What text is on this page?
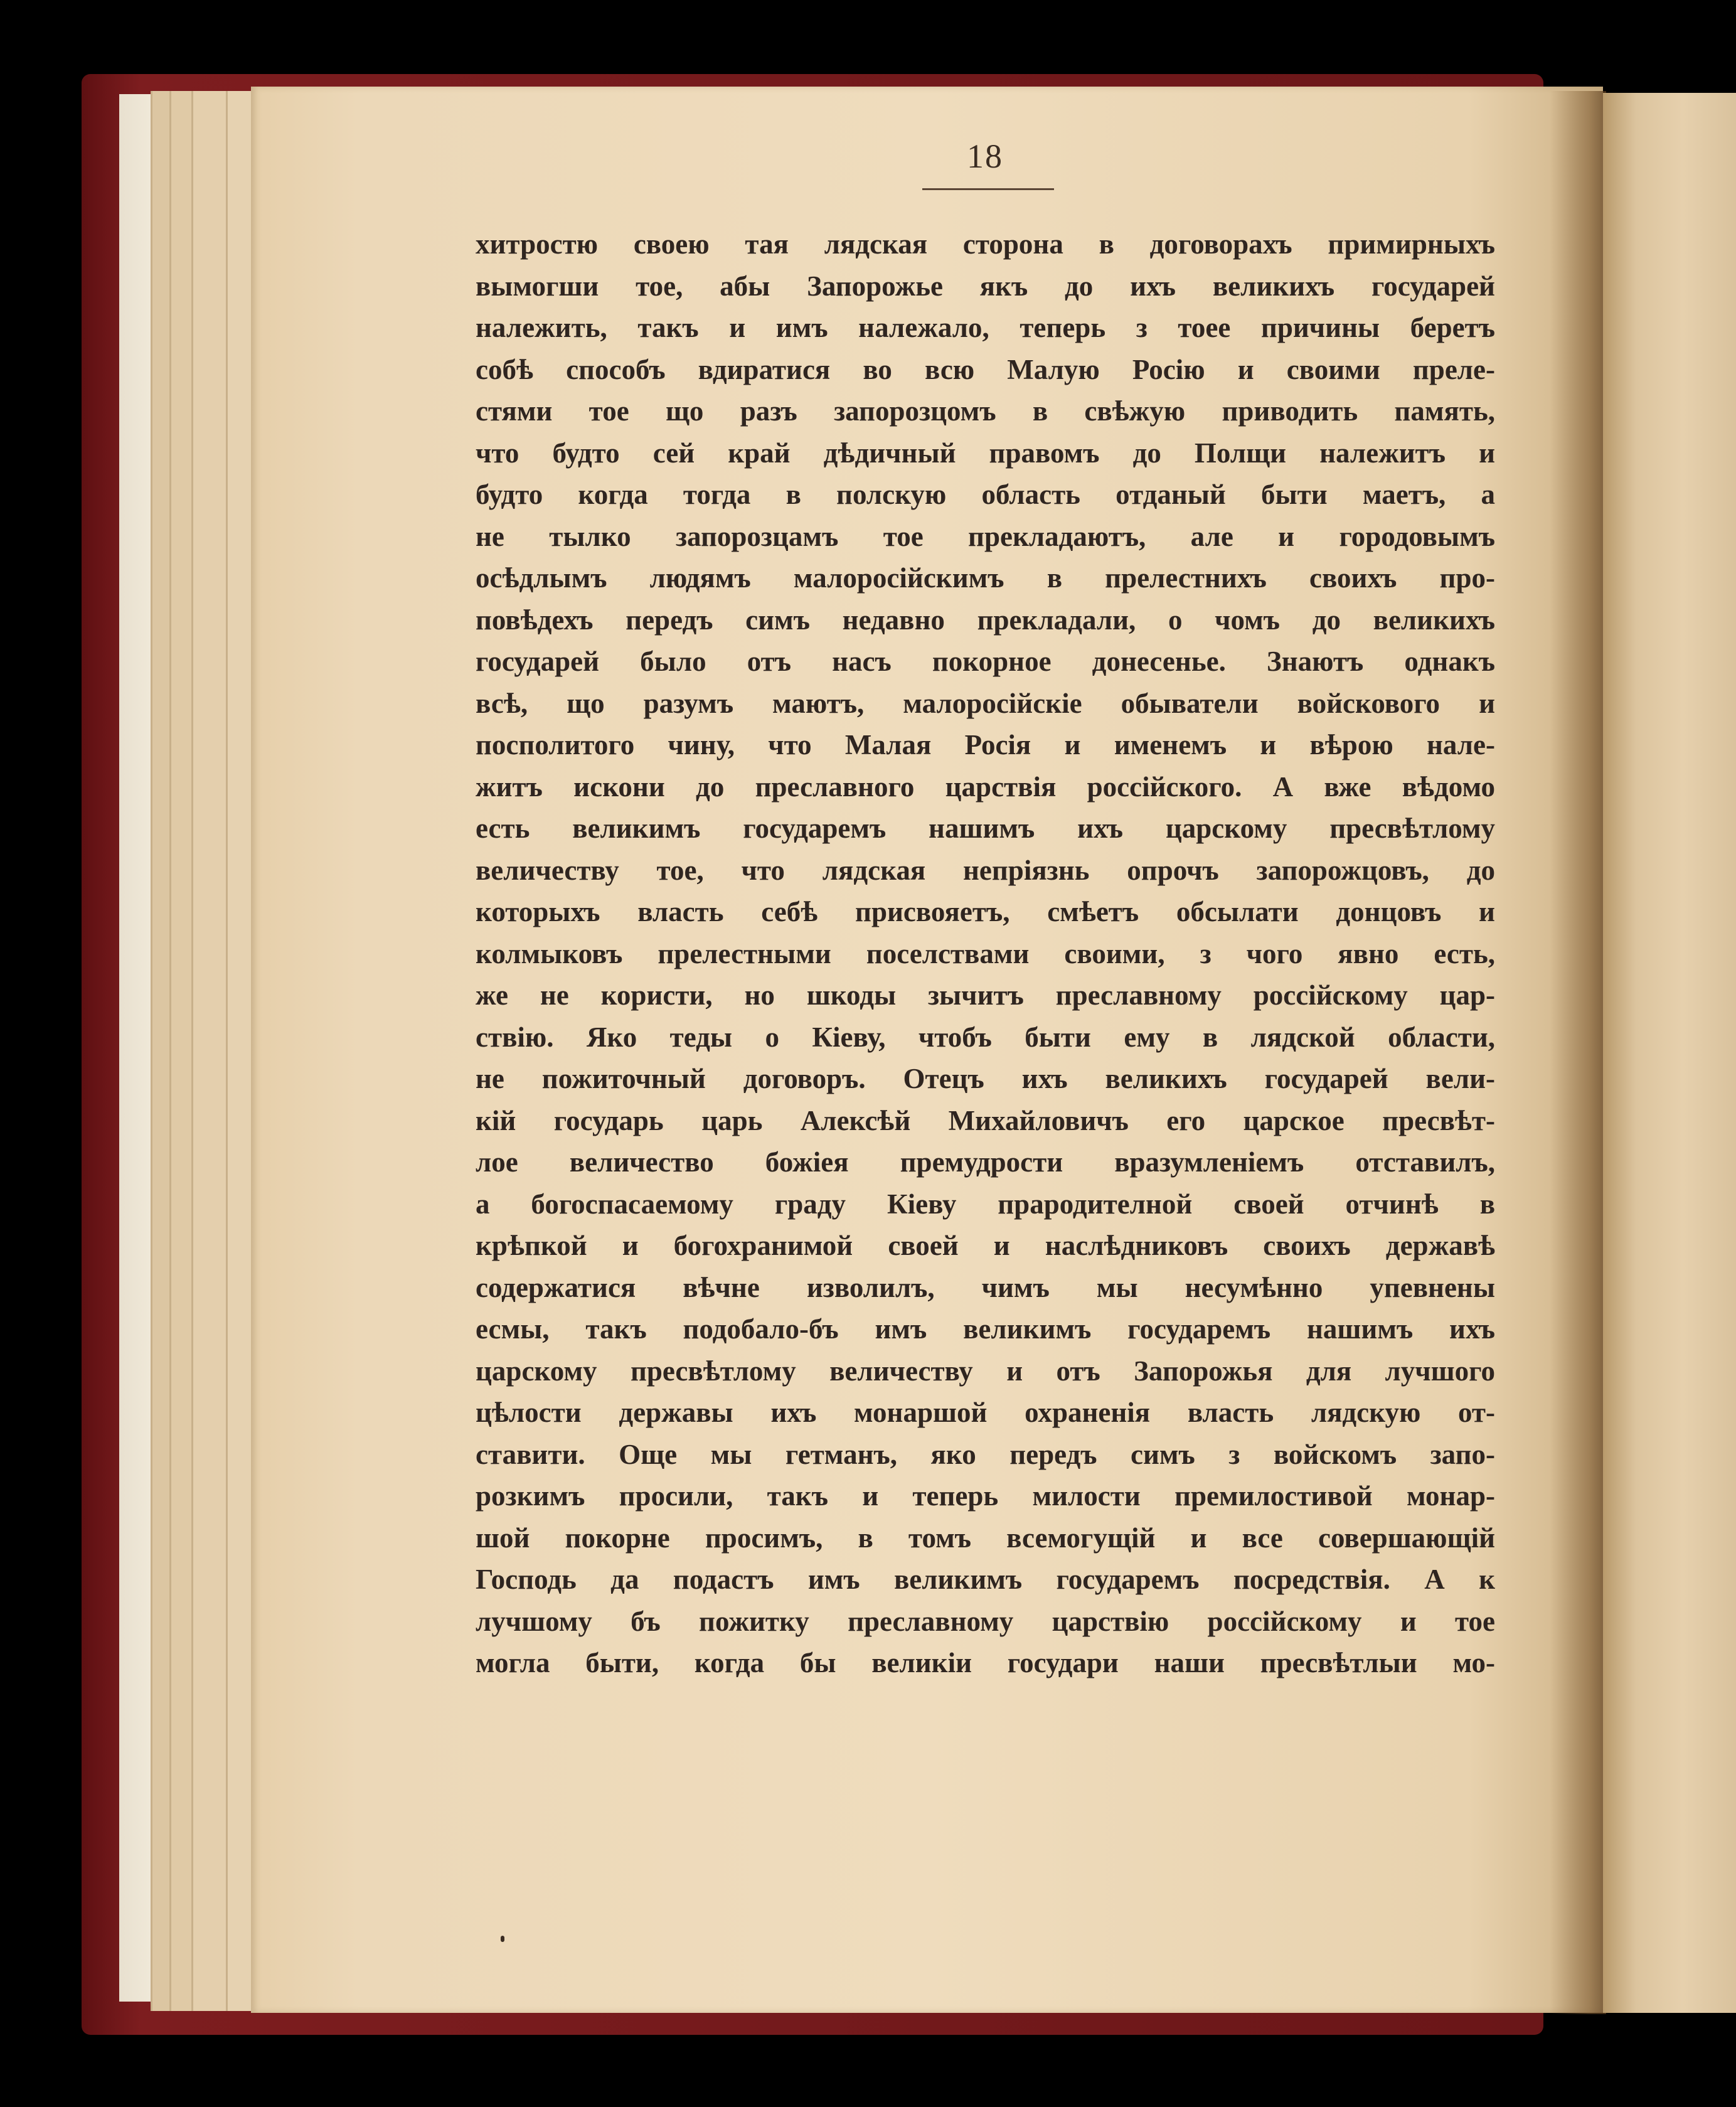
18
хитростю своею тая лядская сторона в договорахъ примирныхъ
вымогши тое, абы Запорожье якъ до ихъ великихъ государей
належить, такъ и имъ належало, теперь з тоее причины беретъ
собѣ способъ вдиратися во всю Малую Росію и своими преле-
стями тое що разъ запорозцомъ в свѣжую приводить память,
что будто сей край дѣдичный правомъ до Полщи належитъ и
будто когда тогда в полскую область отданый быти маетъ, а
не тылко запорозцамъ тое прекладаютъ, але и городовымъ
осѣдлымъ людямъ малоросійскимъ в прелестнихъ своихъ про-
повѣдехъ передъ симъ недавно прекладали, о чомъ до великихъ
государей было отъ насъ покорное донесенье. Знаютъ однакъ
всѣ, що разумъ маютъ, малоросійскіе обыватели войскового и
посполитого чину, что Малая Росія и именемъ и вѣрою нале-
житъ искони до преславного царствія россійского. А вже вѣдомо
есть великимъ государемъ нашимъ ихъ царскому пресвѣтлому
величеству тое, что лядская непріязнь опрочъ запорожцовъ, до
которыхъ власть себѣ присвояетъ, смѣетъ обсылати донцовъ и
колмыковъ прелестными поселствами своими, з чого явно есть,
же не користи, но шкоды зычитъ преславному россійскому цар-
ствію. Яко теды о Кіеву, чтобъ быти ему в лядской области,
не пожиточный договоръ. Отецъ ихъ великихъ государей вели-
кій государь царь Алексѣй Михайловичъ его царское пресвѣт-
лое величество божіея премудрости вразумленіемъ отставилъ,
а богоспасаемому граду Кіеву прародителной своей отчинѣ в
крѣпкой и богохранимой своей и наслѣдниковъ своихъ державѣ
содержатися вѣчне изволилъ, чимъ мы несумѣнно упевнены
есмы, такъ подобало-бъ имъ великимъ государемъ нашимъ ихъ
царскому пресвѣтлому величеству и отъ Запорожья для лучшого
цѣлости державы ихъ монаршой охраненія власть лядскую от-
ставити. Още мы гетманъ, яко передъ симъ з войскомъ запо-
розкимъ просили, такъ и теперь милости премилостивой монар-
шой покорне просимъ, в томъ всемогущій и все совершающій
Господь да подастъ имъ великимъ государемъ посредствія. А к
лучшому бъ пожитку преславному царствію россійскому и тое
могла быти, когда бы великіи государи наши пресвѣтлыи мо-
